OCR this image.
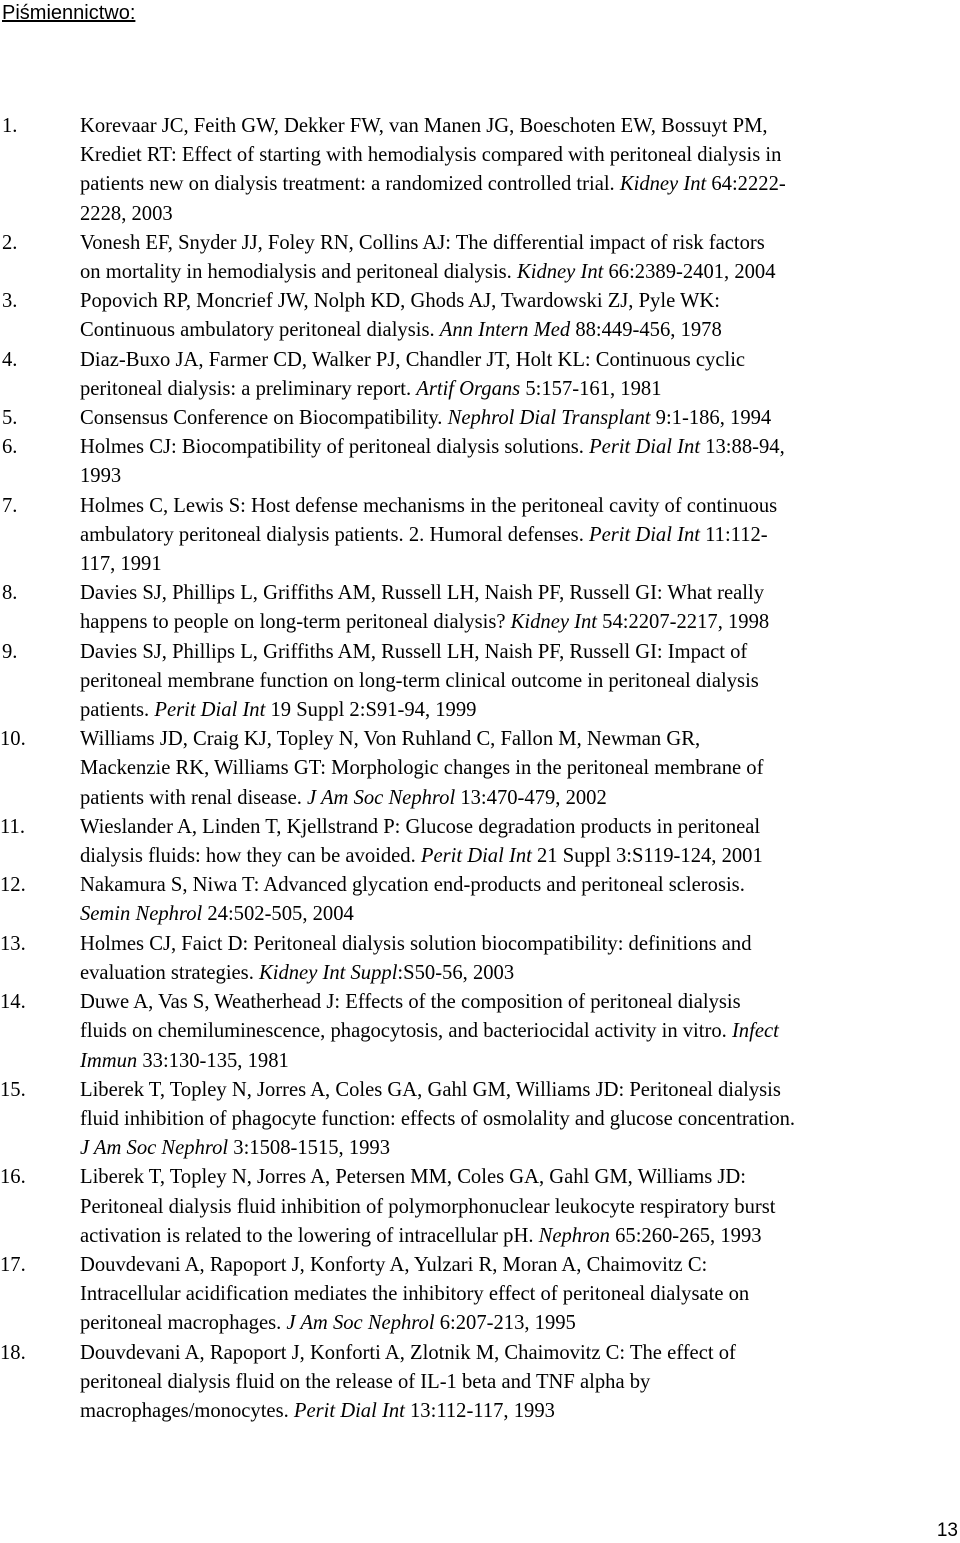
Piśmiennictwo:
1.	Korevaar JC, Feith GW, Dekker FW, van Manen JG, Boeschoten EW, Bossuyt PM,
Krediet RT: Effect of starting with hemodialysis compared with peritoneal dialysis in
patients new on dialysis treatment: a randomized controlled trial. Kidney Int 64:2222-
2228, 2003
2.	Vonesh EF, Snyder JJ, Foley RN, Collins AJ: The differential impact of risk factors
on mortality in hemodialysis and peritoneal dialysis. Kidney Int 66:2389-2401, 2004
3.	Popovich RP, Moncrief JW, Nolph KD, Ghods AJ, Twardowski ZJ, Pyle WK:
Continuous ambulatory peritoneal dialysis. Ann Intern Med 88:449-456, 1978
4.	Diaz-Buxo JA, Farmer CD, Walker PJ, Chandler JT, Holt KL: Continuous cyclic
peritoneal dialysis: a preliminary report. Artif Organs 5:157-161, 1981
5.	Consensus Conference on Biocompatibility. Nephrol Dial Transplant 9:1-186, 1994
6.	Holmes CJ: Biocompatibility of peritoneal dialysis solutions. Perit Dial Int 13:88-94,
1993
7.	Holmes C, Lewis S: Host defense mechanisms in the peritoneal cavity of continuous
ambulatory peritoneal dialysis patients. 2. Humoral defenses. Perit Dial Int 11:112-
117, 1991
8.	Davies SJ, Phillips L, Griffiths AM, Russell LH, Naish PF, Russell GI: What really
happens to people on long-term peritoneal dialysis? Kidney Int 54:2207-2217, 1998
9.	Davies SJ, Phillips L, Griffiths AM, Russell LH, Naish PF, Russell GI: Impact of
peritoneal membrane function on long-term clinical outcome in peritoneal dialysis
patients. Perit Dial Int 19 Suppl 2:S91-94, 1999
10.	Williams JD, Craig KJ, Topley N, Von Ruhland C, Fallon M, Newman GR,
Mackenzie RK, Williams GT: Morphologic changes in the peritoneal membrane of
patients with renal disease. J Am Soc Nephrol 13:470-479, 2002
11.	Wieslander A, Linden T, Kjellstrand P: Glucose degradation products in peritoneal
dialysis fluids: how they can be avoided. Perit Dial Int 21 Suppl 3:S119-124, 2001
12.	Nakamura S, Niwa T: Advanced glycation end-products and peritoneal sclerosis.
Semin Nephrol 24:502-505, 2004
13.	Holmes CJ, Faict D: Peritoneal dialysis solution biocompatibility: definitions and
evaluation strategies. Kidney Int Suppl:S50-56, 2003
14.	Duwe A, Vas S, Weatherhead J: Effects of the composition of peritoneal dialysis
fluids on chemiluminescence, phagocytosis, and bacteriocidal activity in vitro. Infect
Immun 33:130-135, 1981
15.	Liberek T, Topley N, Jorres A, Coles GA, Gahl GM, Williams JD: Peritoneal dialysis
fluid inhibition of phagocyte function: effects of osmolality and glucose concentration.
J Am Soc Nephrol 3:1508-1515, 1993
16.	Liberek T, Topley N, Jorres A, Petersen MM, Coles GA, Gahl GM, Williams JD:
Peritoneal dialysis fluid inhibition of polymorphonuclear leukocyte respiratory burst
activation is related to the lowering of intracellular pH. Nephron 65:260-265, 1993
17.	Douvdevani A, Rapoport J, Konforty A, Yulzari R, Moran A, Chaimovitz C:
Intracellular acidification mediates the inhibitory effect of peritoneal dialysate on
peritoneal macrophages. J Am Soc Nephrol 6:207-213, 1995
18.	Douvdevani A, Rapoport J, Konforti A, Zlotnik M, Chaimovitz C: The effect of
peritoneal dialysis fluid on the release of IL-1 beta and TNF alpha by
macrophages/monocytes. Perit Dial Int 13:112-117, 1993
13
